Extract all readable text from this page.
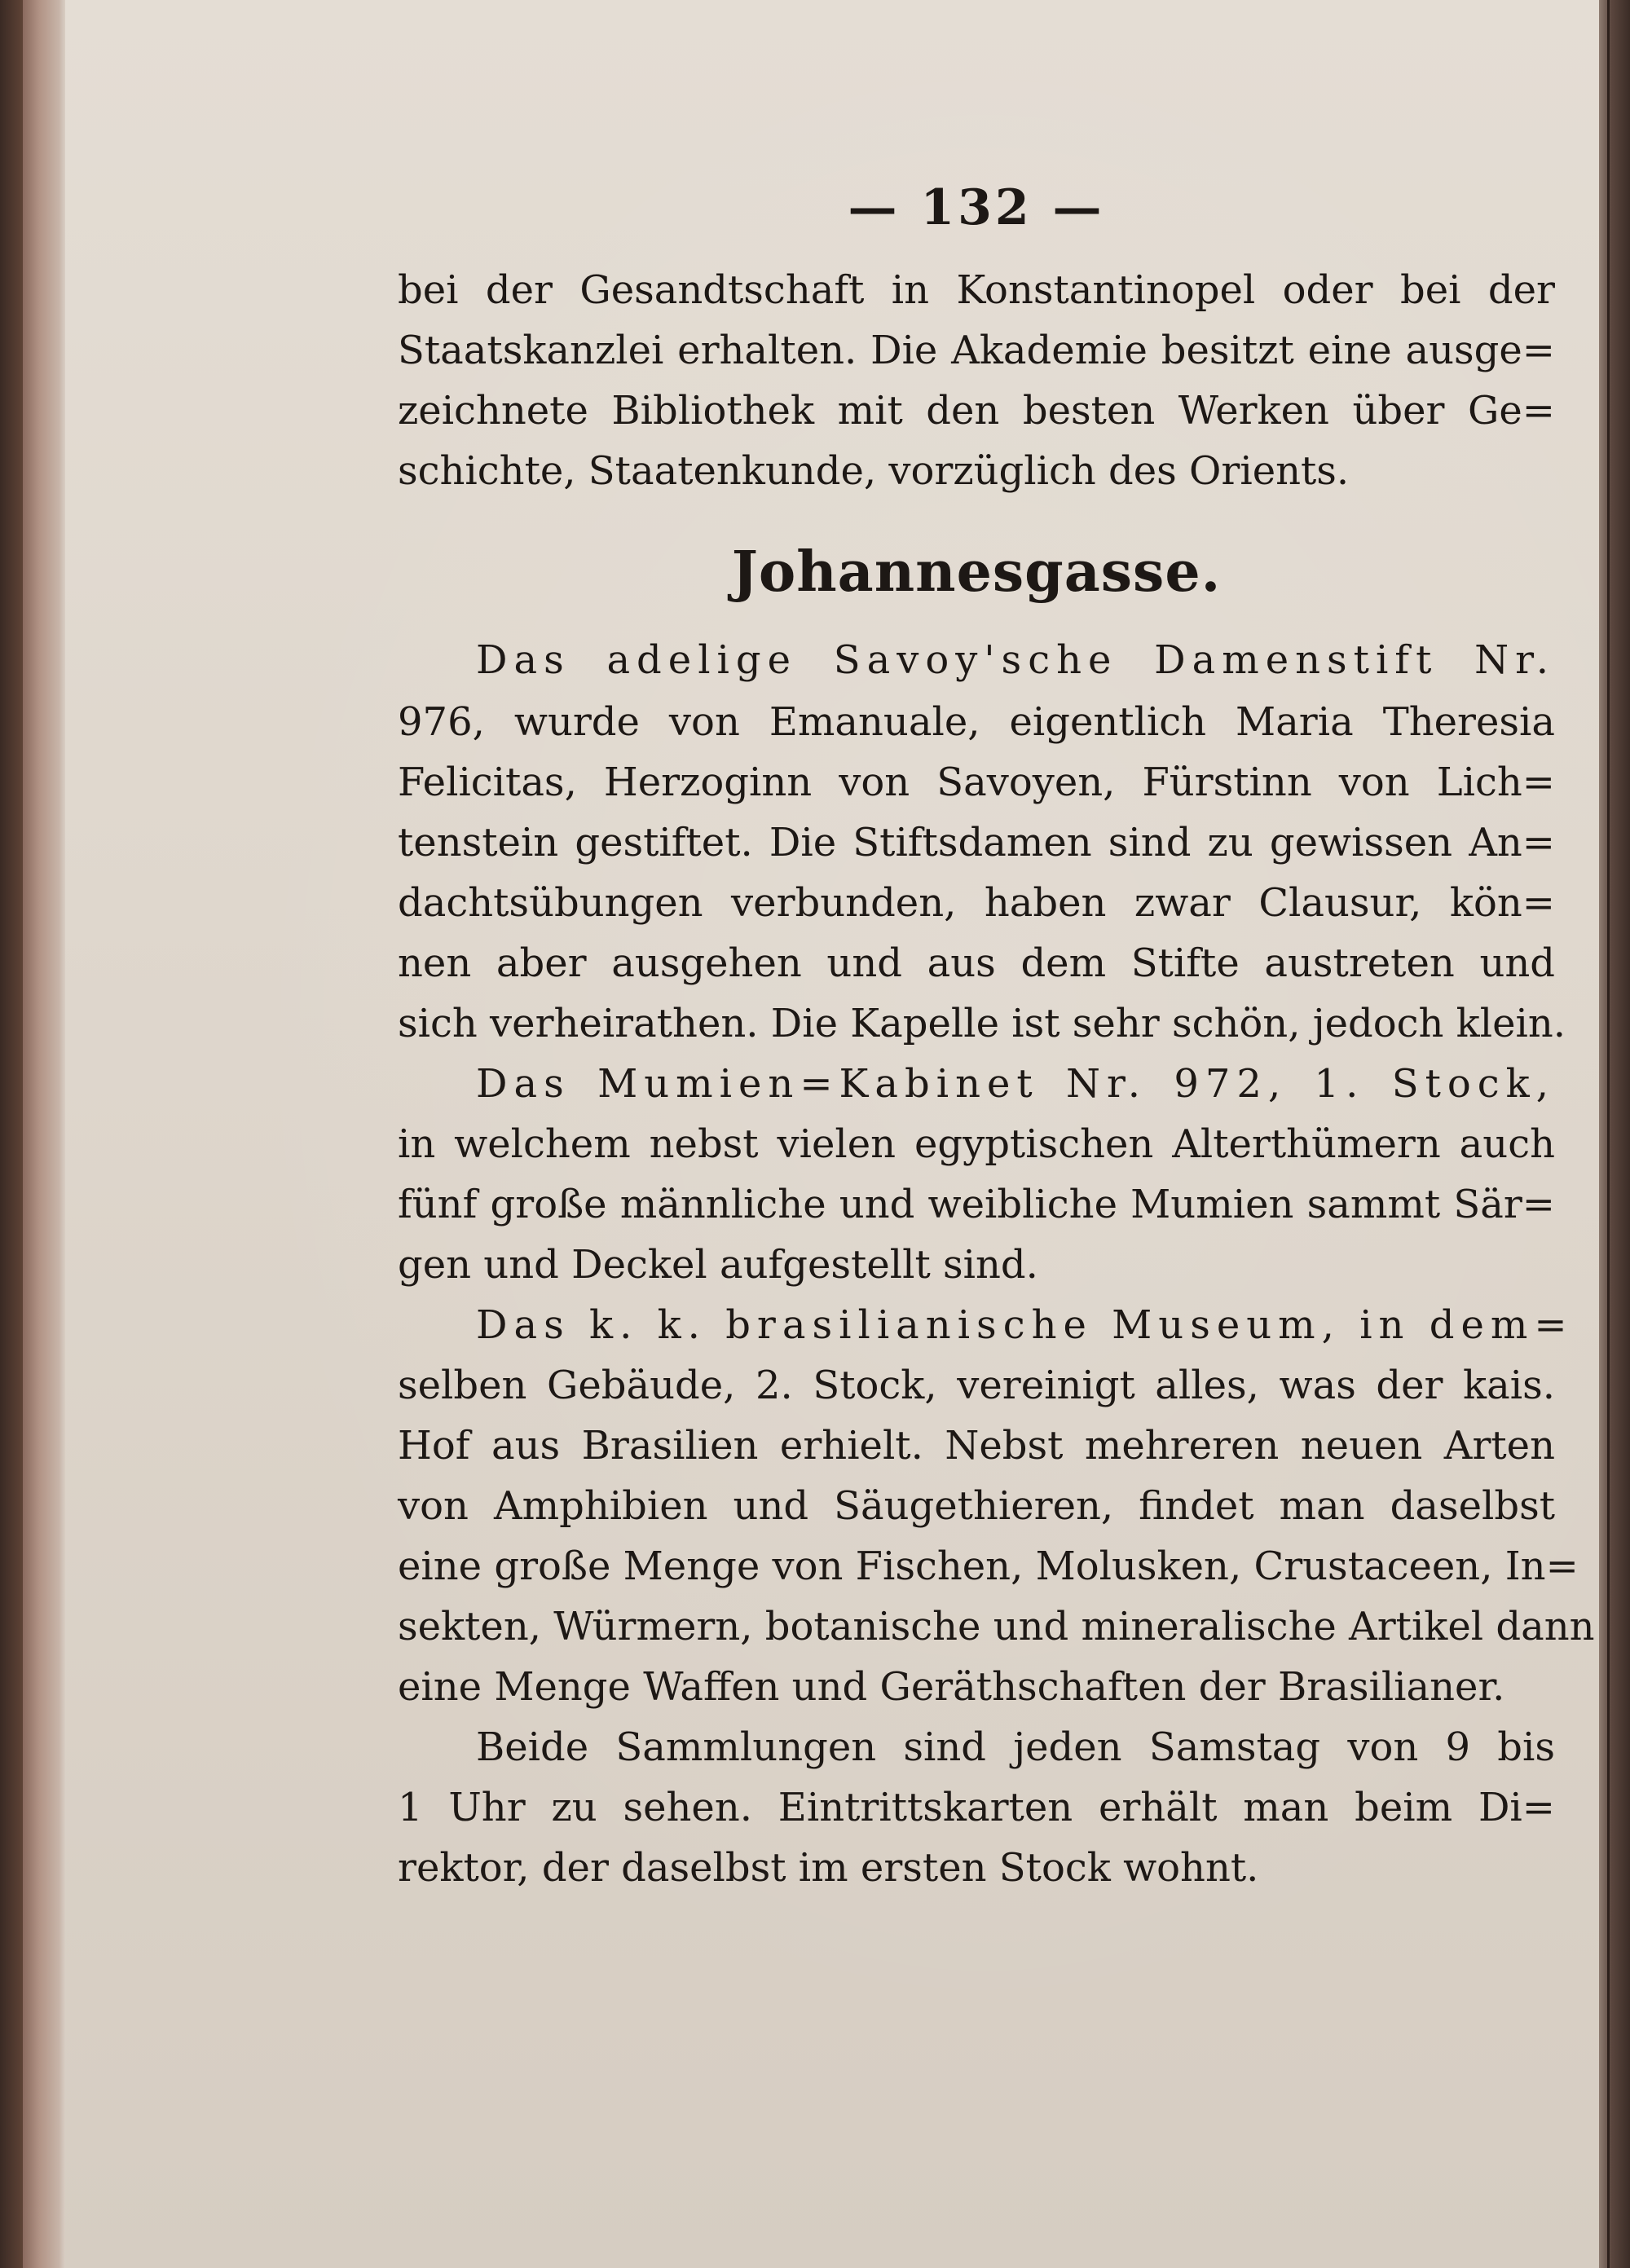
— 132 —
bei der Gesandtschaft in Konstantinopel oder bei der
Staatskanzlei erhalten. Die Akademie besitzt eine ausge=
zeichnete Bibliothek mit den besten Werken über Ge=
schichte, Staatenkunde, vorzüglich des Orients.
Johannesgasse.
Das adelige Savoy'sche Damenstift Nr.
976, wurde von Emanuale, eigentlich Maria Theresia
Felicitas, Herzoginn von Savoyen, Fürstinn von Lich=
tenstein gestiftet. Die Stiftsdamen sind zu gewissen An=
dachtsübungen verbunden, haben zwar Clausur, kön=
nen aber ausgehen und aus dem Stifte austreten und
sich verheirathen. Die Kapelle ist sehr schön, jedoch klein.
Das Mumien=Kabinet Nr. 972, 1. Stock,
in welchem nebst vielen egyptischen Alterthümern auch
fünf große männliche und weibliche Mumien sammt Sär=
gen und Deckel aufgestellt sind.
Das k. k. brasilianische Museum, in dem=
selben Gebäude, 2. Stock, vereinigt alles, was der kais.
Hof aus Brasilien erhielt. Nebst mehreren neuen Arten
von Amphibien und Säugethieren, findet man daselbst
eine große Menge von Fischen, Molusken, Crustaceen, In=
sekten, Würmern, botanische und mineralische Artikel dann
eine Menge Waffen und Geräthschaften der Brasilianer.
Beide Sammlungen sind jeden Samstag von 9 bis
1 Uhr zu sehen. Eintrittskarten erhält man beim Di=
rektor, der daselbst im ersten Stock wohnt.
